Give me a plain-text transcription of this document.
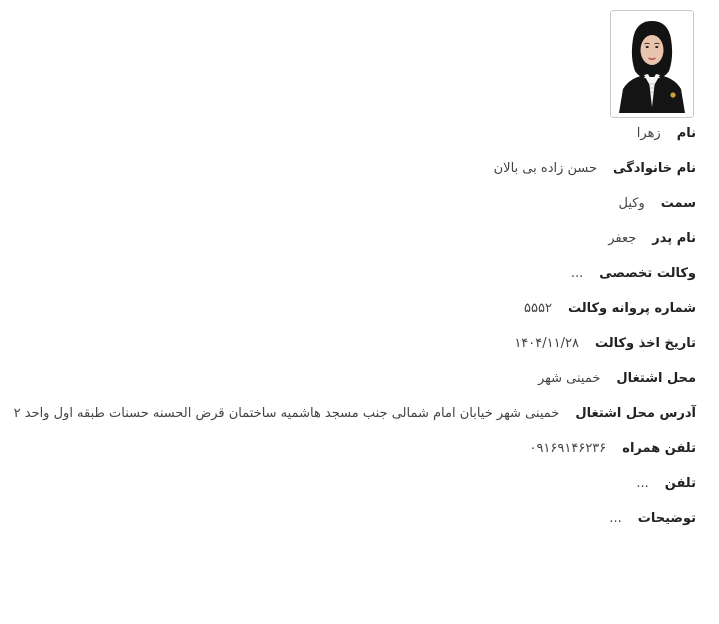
نام
زهرا
نام خانوادگی
حسن زاده بی بالان
سمت
وکیل
نام پدر
جعفر
وکالت تخصصی
...
شماره پروانه وکالت
۵۵۵۲
تاریخ اخذ وکالت
۱۴۰۴/۱۱/۲۸
محل اشتغال
خمینی شهر
آدرس محل اشتغال
خمینی شهر خیابان امام شمالی جنب مسجد هاشمیه ساختمان قرض الحسنه حسنات طبقه اول واحد ۲
تلفن همراه
۰۹۱۶۹۱۴۶۲۳۶
تلفن
...
توضیحات
...
